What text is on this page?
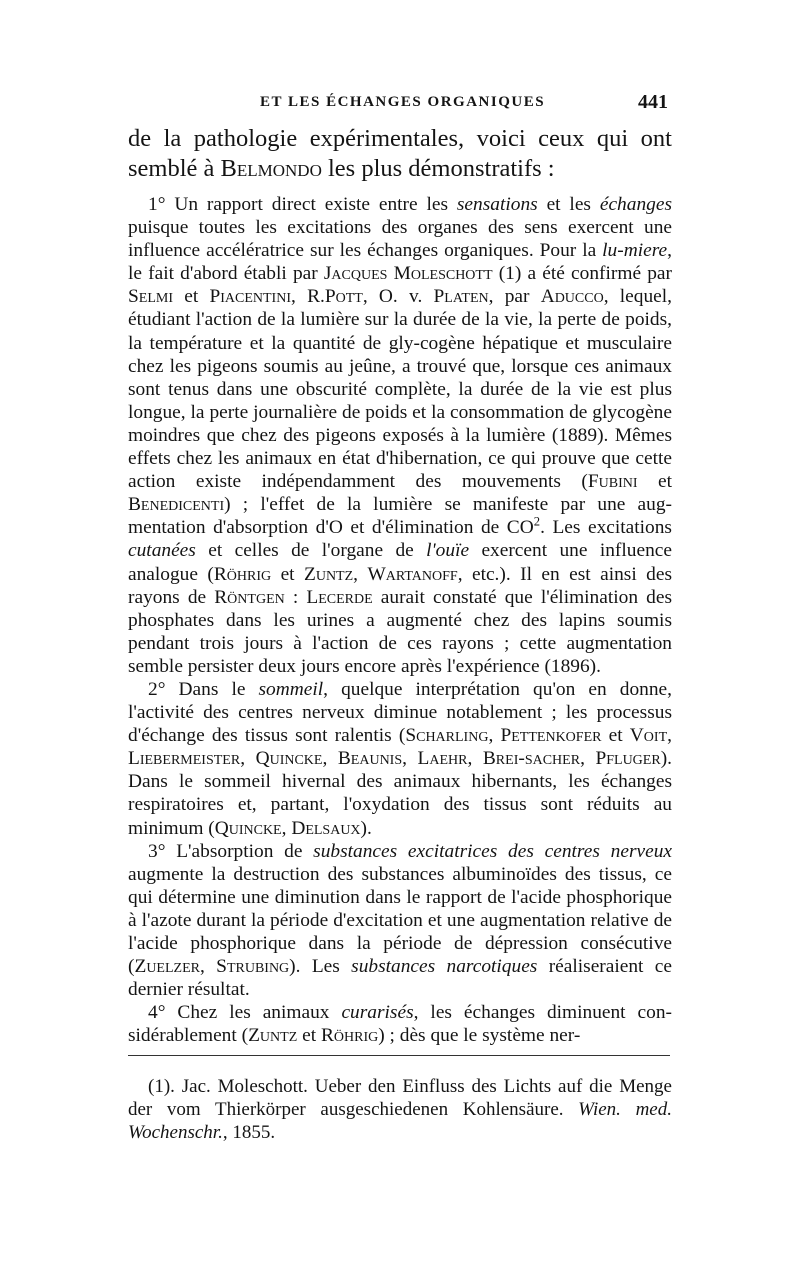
ET LES ÉCHANGES ORGANIQUES	441
de la pathologie expérimentales, voici ceux qui ont semblé à Belmondo les plus démonstratifs :

1° Un rapport direct existe entre les sensations et les échanges puisque toutes les excitations des organes des sens exercent une influence accélératrice sur les échanges organiques. Pour la lu-miere, le fait d'abord établi par Jacques Moleschott (1) a été confirmé par Selmi et Piacentini, R.Pott, O. v. Platen, par Aducco, lequel, étudiant l'action de la lumière sur la durée de la vie, la perte de poids, la température et la quantité de gly-cogène hépatique et musculaire chez les pigeons soumis au jeûne, a trouvé que, lorsque ces animaux sont tenus dans une obscurité complète, la durée de la vie est plus longue, la perte journalière de poids et la consommation de glycogène moindres que chez des pigeons exposés à la lumière (1889). Mêmes effets chez les animaux en état d'hibernation, ce qui prouve que cette action existe indépendamment des mouvements (Fubini et Benedicenti) ; l'effet de la lumière se manifeste par une aug-mentation d'absorption d'O et d'élimination de $CO^2$. Les excitations cutanées et celles de l'organe de l'ouïe exercent une influence analogue (Röhrig et Zuntz, Wartanoff, etc.). Il en est ainsi des rayons de Röntgen : Lecerde aurait constaté que l'élimination des phosphates dans les urines a augmenté chez des lapins soumis pendant trois jours à l'action de ces rayons ; cette augmentation semble persister deux jours encore après l'expérience (1896).

2° Dans le sommeil, quelque interprétation qu'on en donne, l'activité des centres nerveux diminue notablement ; les processus d'échange des tissus sont ralentis (Scharling, Pettenkofer et Voit, Liebermeister, Quincke, Beaunis, Laehr, Brei-sacher, Pfluger). Dans le sommeil hivernal des animaux hibernants, les échanges respiratoires et, partant, l'oxydation des tissus sont réduits au minimum (Quincke, Delsaux).

3° L'absorption de substances excitatrices des centres nerveux augmente la destruction des substances albuminoïdes des tissus, ce qui détermine une diminution dans le rapport de l'acide phosphorique à l'azote durant la période d'excitation et une augmentation relative de l'acide phosphorique dans la période de dépression consécutive (Zuelzer, Strubing). Les substances narcotiques réaliseraient ce dernier résultat.

4° Chez les animaux curarisés, les échanges diminuent con-sidérablement (Zuntz et Röhrig) ; dès que le système ner-

(1). Jac. Moleschott. Ueber den Einfluss des Lichts auf die Menge der vom Thierkörper ausgeschiedenen Kohlensäure. Wien. med. Wochenschr., 1855.
